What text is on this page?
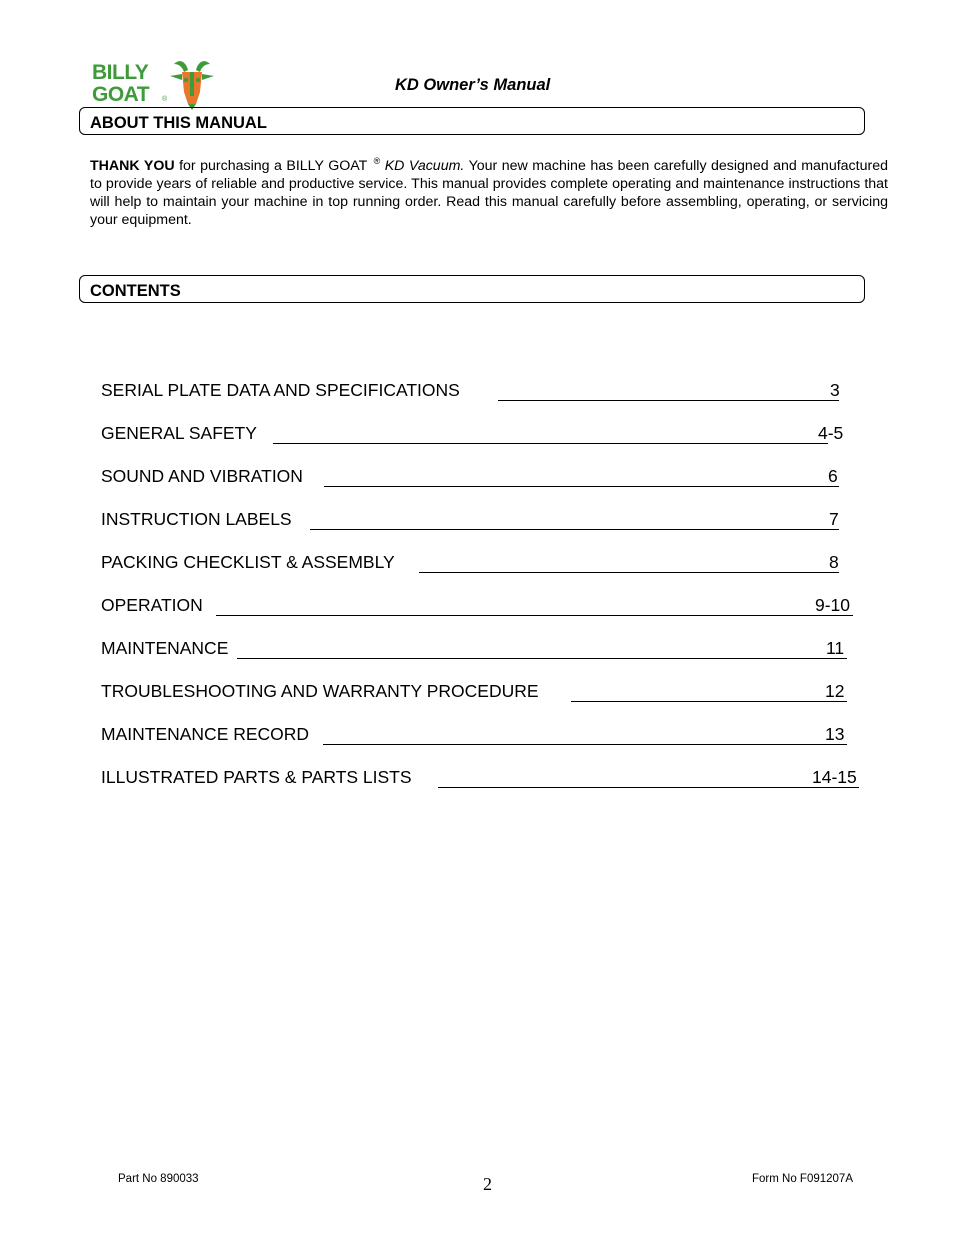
BILLY
GOAT ®
KD Owner’s Manual
ABOUT THIS MANUAL
THANK YOU for purchasing a BILLY GOAT ® KD Vacuum. Your new machine has been carefully designed and manufactured to provide years of reliable and productive service. This manual provides complete operating and maintenance instructions that will help to maintain your machine in top running order. Read this manual carefully before assembling, operating, or servicing your equipment.
CONTENTS
SERIAL PLATE DATA AND SPECIFICATIONS	3
GENERAL SAFETY	4-5
SOUND AND VIBRATION	6
INSTRUCTION LABELS	7
PACKING CHECKLIST & ASSEMBLY	8
OPERATION	9-10
MAINTENANCE	11
TROUBLESHOOTING AND WARRANTY PROCEDURE	12
MAINTENANCE RECORD	13
ILLUSTRATED PARTS & PARTS LISTS	14-15
Part No 890033	2	Form No F091207A
